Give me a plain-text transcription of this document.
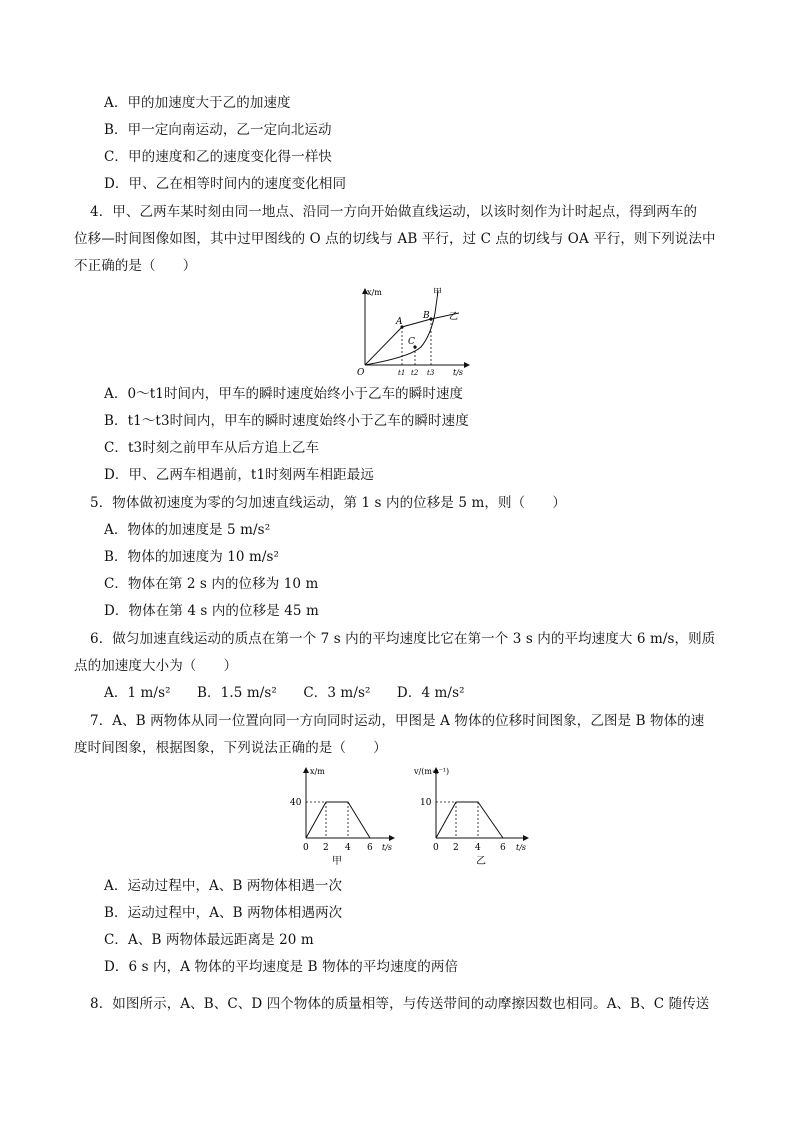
A．甲的加速度大于乙的加速度
B．甲一定向南运动，乙一定向北运动
C．甲的速度和乙的速度变化得一样快
D．甲、乙在相等时间内的速度变化相同
4．甲、乙两车某时刻由同一地点、沿同一方向开始做直线运动，以该时刻作为计时起点，得到两车的
位移—时间图像如图，其中过甲图线的 O 点的切线与 AB 平行，过 C 点的切线与 OA 平行，则下列说法中
不正确的是（　　）
x/m
t/s
O
A
C
B
甲
乙
t1 t2 t3
A．0～t1时间内，甲车的瞬时速度始终小于乙车的瞬时速度
B．t1～t3时间内，甲车的瞬时速度始终小于乙车的瞬时速度
C．t3时刻之前甲车从后方追上乙车
D．甲、乙两车相遇前，t1时刻两车相距最远
5．物体做初速度为零的匀加速直线运动，第 1 s 内的位移是 5 m，则（　　）
A．物体的加速度是 5 m/s²
B．物体的加速度为 10 m/s²
C．物体在第 2 s 内的位移为 10 m
D．物体在第 4 s 内的位移是 45 m
6．做匀加速直线运动的质点在第一个 7 s 内的平均速度比它在第一个 3 s 内的平均速度大 6 m/s，则质
点的加速度大小为（　　）
A．1 m/s² B．1.5 m/s² C．3 m/s² D．4 m/s²
7．A、B 两物体从同一位置向同一方向同时运动，甲图是 A 物体的位移时间图象，乙图是 B 物体的速
度时间图象，根据图象，下列说法正确的是（　　）
x/m
t/s
40
0 2 4 6
甲
v/(m·s⁻¹)
t/s
10
0 2 4 6
乙
A．运动过程中，A、B 两物体相遇一次
B．运动过程中，A、B 两物体相遇两次
C．A、B 两物体最远距离是 20 m
D．6 s 内，A 物体的平均速度是 B 物体的平均速度的两倍
8．如图所示，A、B、C、D 四个物体的质量相等，与传送带间的动摩擦因数也相同。A、B、C 随传送
